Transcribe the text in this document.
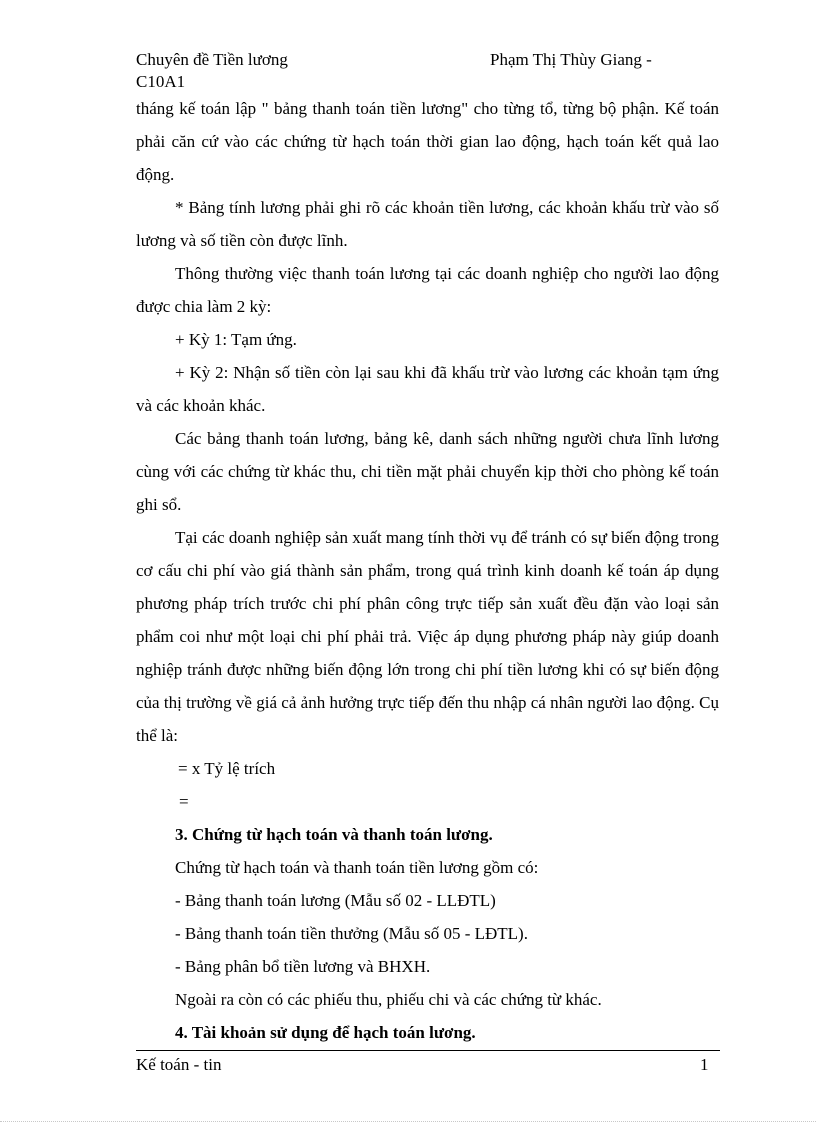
Chuyên đề Tiền lương
C10A1
Phạm Thị Thùy Giang -

tháng kế toán lập " bảng thanh toán tiền lương" cho từng tổ, từng bộ phận. Kế toán phải căn cứ vào các chứng từ hạch toán thời gian lao động, hạch toán kết quả lao động.

* Bảng tính lương phải ghi rõ các khoản tiền lương, các khoản khấu trừ vào số lương và số tiền còn được lĩnh.

Thông thường việc thanh toán lương tại các doanh nghiệp cho người lao động được chia làm 2 kỳ:

+ Kỳ 1: Tạm ứng.

+ Kỳ 2: Nhận số tiền còn lại sau khi đã khấu trừ vào lương các khoản tạm ứng và các khoản khác.

Các bảng thanh toán lương, bảng kê, danh sách những người chưa lĩnh lương cùng với các chứng từ khác thu, chi tiền mặt phải chuyển kịp thời cho phòng kế toán ghi sổ.

Tại các doanh nghiệp sản xuất mang tính thời vụ để tránh có sự biến động trong cơ cấu chi phí vào giá thành sản phẩm, trong quá trình kinh doanh kế toán áp dụng phương pháp trích trước chi phí phân công trực tiếp sản xuất đều đặn vào loại sản phẩm coi như một loại chi phí phải trả. Việc áp dụng phương pháp này giúp doanh nghiệp tránh được những biến động lớn trong chi phí tiền lương khi có sự biến động của thị trường về giá cả ảnh hưởng trực tiếp đến thu nhập cá nhân người lao động. Cụ thể là:

= x Tỷ lệ trích

=

3. Chứng từ hạch toán và thanh toán lương.

Chứng từ hạch toán và thanh toán tiền lương gồm có:

- Bảng thanh toán lương (Mẫu số 02 - LLĐTL)

- Bảng thanh toán tiền thưởng (Mẫu số 05 - LĐTL).

- Bảng phân bổ tiền lương và BHXH.

Ngoài ra còn có các phiếu thu, phiếu chi và các chứng từ khác.

4. Tài khoản sử dụng để hạch toán lương.

Kế toán - tin	1
